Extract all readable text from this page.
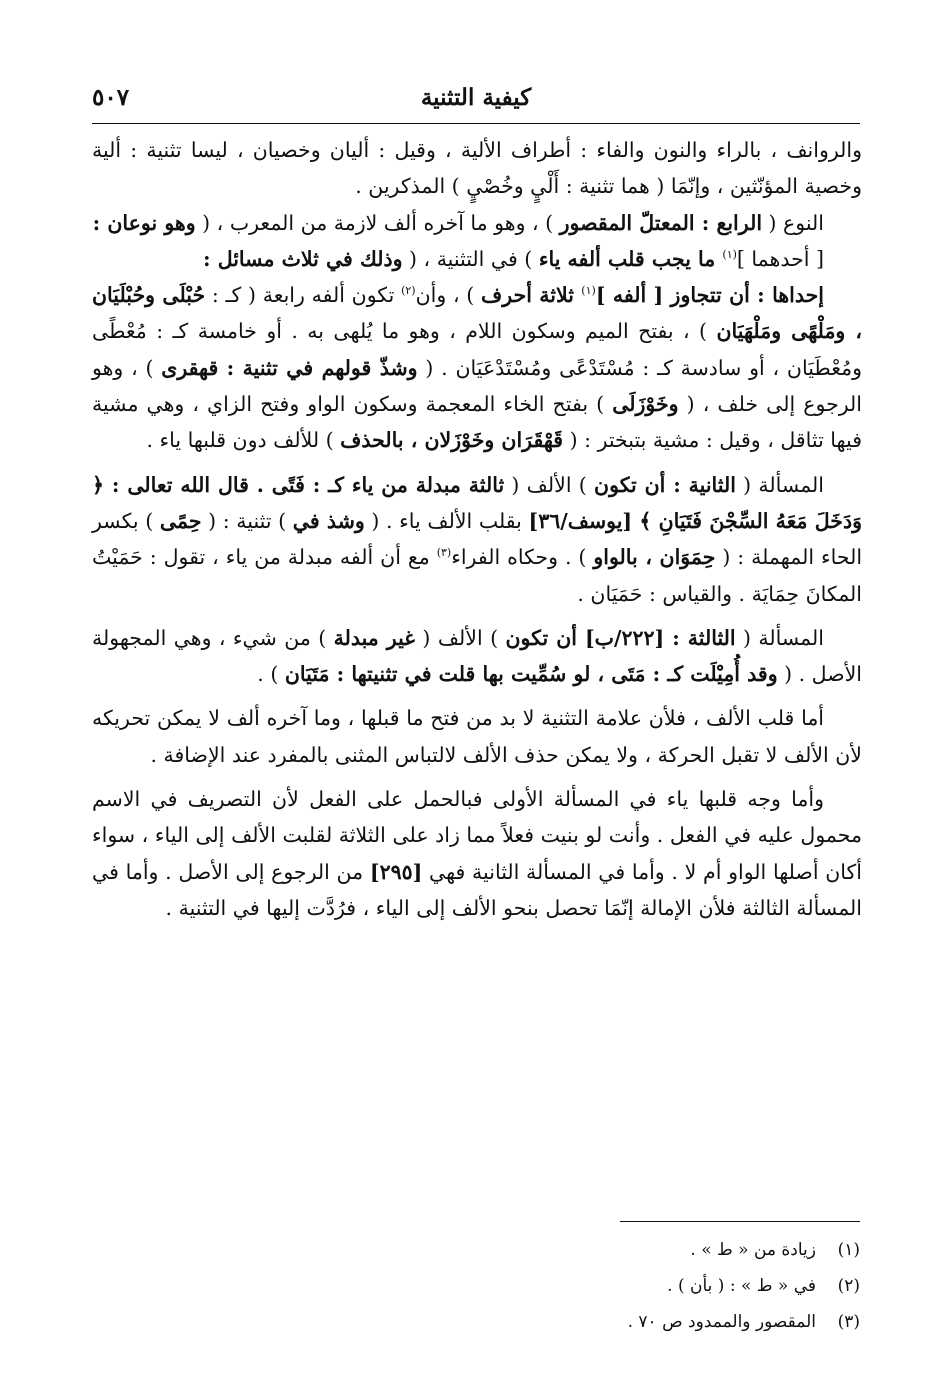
كيفية التثنية
٥٠٧

والروانف ، بالراء والنون والفاء : أطراف الألية ، وقيل : أليان وخصيان ، ليسا تثنية : ألية وخصية المؤنّثين ، وإنّمَا ( هما تثنية : أَلْيٍ وخُصْيٍ ) المذكرين .

النوع ( الرابع : المعتلّ المقصور ) ، وهو ما آخره ألف لازمة من المعرب ، ( وهو نوعان :

[ أحدهما ]$^{(١)}$ ما يجب قلب ألفه ياء ) في التثنية ، ( وذلك في ثلاث مسائل :

إحداها : أن تتجاوز [ ألفه ]$^{(١)}$ ثلاثة أحرف ) ، وأن$^{(٢)}$ تكون ألفه رابعة ( كـ : حُبْلَى وحُبْلَيَان ، ومَلْهًى ومَلْهَيَان ) ، بفتح الميم وسكون اللام ، وهو ما يُلهى به . أو خامسة كـ : مُعْطًى ومُعْطَيَان ، أو سادسة كـ : مُسْتَدْعًى ومُسْتَدْعَيَان . ( وشذّ قولهم في تثنية : قهقرى ) ، وهو الرجوع إلى خلف ، ( وخَوْزَلَى ) بفتح الخاء المعجمة وسكون الواو وفتح الزاي ، وهي مشية فيها تثاقل ، وقيل : مشية بتبختر : ( قَهْقَرَان وخَوْزَلان ، بالحذف ) للألف دون قلبها ياء .

المسألة ( الثانية : أن تكون ) الألف ( ثالثة مبدلة من ياء كـ : فَتًى . قال الله تعالى : ﴿ وَدَخَلَ مَعَهُ السِّجْنَ فَتَيَانِ ﴾ [يوسف/٣٦] بقلب الألف ياء . ( وشذ في ) تثنية : ( حِمًى ) بكسر الحاء المهملة : ( حِمَوَان ، بالواو ) . وحكاه الفراء$^{(٣)}$ مع أن ألفه مبدلة من ياء ، تقول : حَمَيْتُ المكانَ حِمَايَة . والقياس : حَمَيَان .

المسألة ( الثالثة : [٢٢٢/ب] أن تكون ) الألف ( غير مبدلة ) من شيء ، وهي المجهولة الأصل . ( وقد أُمِيْلَت كـ : مَتَى ، لو سُمِّيت بها قلت في تثنيتها : مَتَيَان ) .

أما قلب الألف ، فلأن علامة التثنية لا بد من فتح ما قبلها ، وما آخره ألف لا يمكن تحريكه لأن الألف لا تقبل الحركة ، ولا يمكن حذف الألف لالتباس المثنى بالمفرد عند الإضافة .

وأما وجه قلبها ياء في المسألة الأولى فبالحمل على الفعل لأن التصريف في الاسم محمول عليه في الفعل . وأنت لو بنيت فعلاً مما زاد على الثلاثة لقلبت الألف إلى الياء ، سواء أكان أصلها الواو أم لا . وأما في المسألة الثانية فهي [٢٩٥] من الرجوع إلى الأصل . وأما في المسألة الثالثة فلأن الإمالة إنّمَا تحصل بنحو الألف إلى الياء ، فرُدَّت إليها في التثنية .

(١)زيادة من « ط » .
(٢)في « ط » : ( بأن ) .
(٣)المقصور والممدود ص ٧٠ .
